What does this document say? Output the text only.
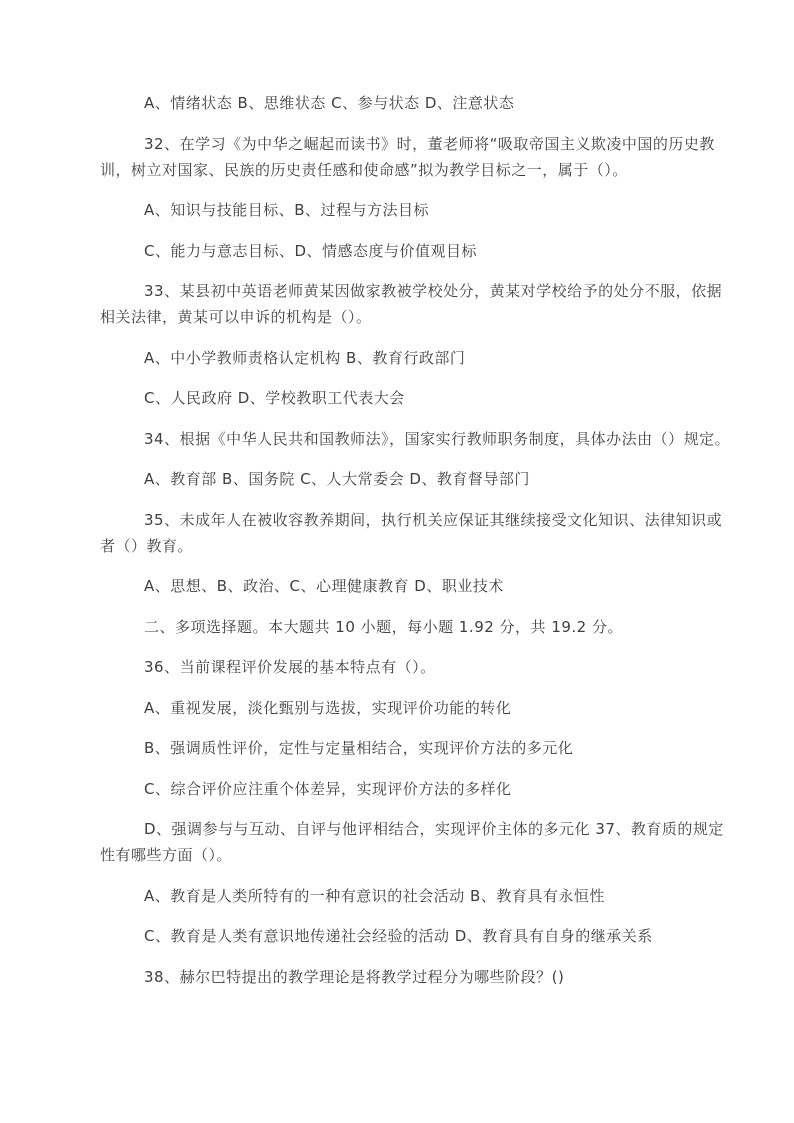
A、情绪状态 B、思维状态 C、参与状态 D、注意状态

32、在学习《为中华之崛起而读书》时，董老师将“吸取帝国主义欺凌中国的历史教
训，树立对国家、民族的历史责任感和使命感”拟为教学目标之一，属于（）。

A、知识与技能目标、B、过程与方法目标

C、能力与意志目标、D、情感态度与价值观目标

33、某县初中英语老师黄某因做家教被学校处分，黄某对学校给予的处分不服，依据
相关法律，黄某可以申诉的机构是（）。

A、中小学教师责格认定机构 B、教育行政部门

C、人民政府 D、学校教职工代表大会

34、根据《中华人民共和国教师法》，国家实行教师职务制度，具体办法由（）规定。

A、教育部 B、国务院 C、人大常委会 D、教育督导部门

35、未成年人在被收容教养期间，执行机关应保证其继续接受文化知识、法律知识或
者（）教育。

A、思想、B、政治、C、心理健康教育 D、职业技术

二、多项选择题。本大题共 10 小题，每小题 1.92 分，共 19.2 分。

36、当前课程评价发展的基本特点有（）。

A、重视发展，淡化甄别与选拔，实现评价功能的转化

B、强调质性评价，定性与定量相结合，实现评价方法的多元化

C、综合评价应注重个体差异，实现评价方法的多样化

D、强调参与与互动、自评与他评相结合，实现评价主体的多元化 37、教育质的规定
性有哪些方面（）。

A、教育是人类所特有的一种有意识的社会活动 B、教育具有永恒性

C、教育是人类有意识地传递社会经验的活动 D、教育具有自身的继承关系

38、赫尔巴特提出的教学理论是将教学过程分为哪些阶段？()
